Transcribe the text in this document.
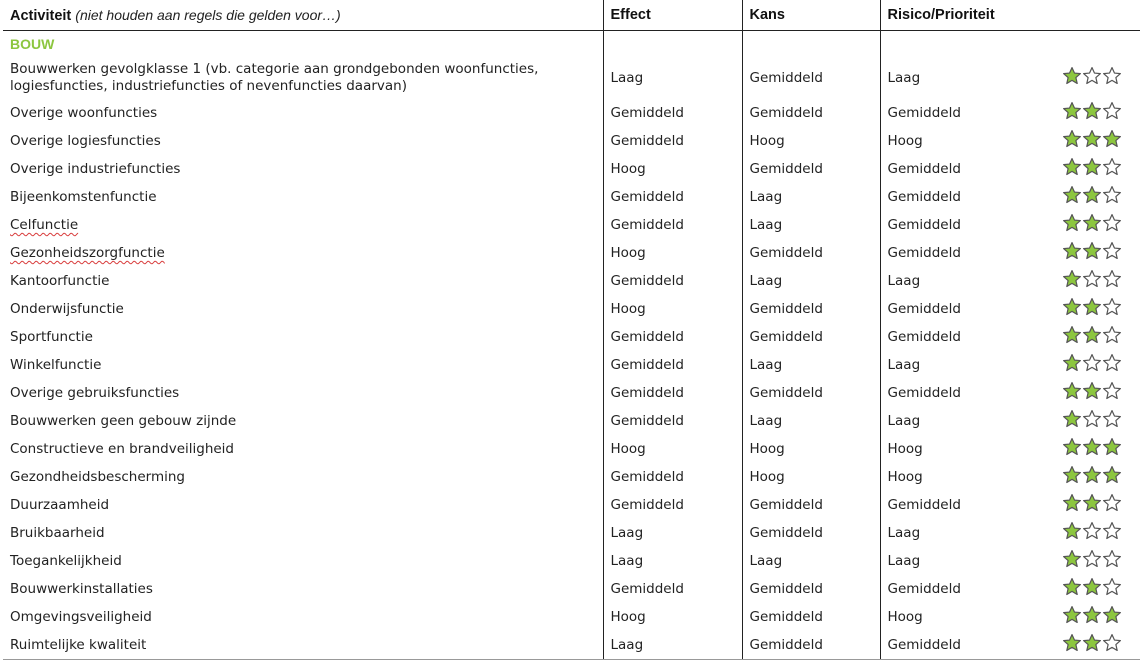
Activiteit (niet houden aan regels die gelden voor…)	Effect	Kans	Risico/Prioriteit	
BOUW				
Bouwwerken gevolgklasse 1 (vb. categorie aan grondgebonden woonfuncties, logiesfuncties, industriefuncties of nevenfuncties daarvan)	Laag	Gemiddeld	Laag	

Overige woonfuncties	Gemiddeld	Gemiddeld	Gemiddeld	

Overige logiesfuncties	Gemiddeld	Hoog	Hoog	

Overige industriefuncties	Hoog	Gemiddeld	Gemiddeld	

Bijeenkomstenfunctie	Gemiddeld	Laag	Gemiddeld	

Celfunctie	Gemiddeld	Laag	Gemiddeld	

Gezonheidszorgfunctie	Hoog	Gemiddeld	Gemiddeld	

Kantoorfunctie	Gemiddeld	Laag	Laag	

Onderwijsfunctie	Hoog	Gemiddeld	Gemiddeld	

Sportfunctie	Gemiddeld	Gemiddeld	Gemiddeld	

Winkelfunctie	Gemiddeld	Laag	Laag	

Overige gebruiksfuncties	Gemiddeld	Gemiddeld	Gemiddeld	

Bouwwerken geen gebouw zijnde	Gemiddeld	Laag	Laag	

Constructieve en brandveiligheid	Hoog	Hoog	Hoog	

Gezondheidsbescherming	Gemiddeld	Hoog	Hoog	

Duurzaamheid	Gemiddeld	Gemiddeld	Gemiddeld	

Bruikbaarheid	Laag	Gemiddeld	Laag	

Toegankelijkheid	Laag	Laag	Laag	

Bouwwerkinstallaties	Gemiddeld	Gemiddeld	Gemiddeld	

Omgevingsveiligheid	Hoog	Gemiddeld	Hoog	

Ruimtelijke kwaliteit	Laag	Gemiddeld	Gemiddeld	
